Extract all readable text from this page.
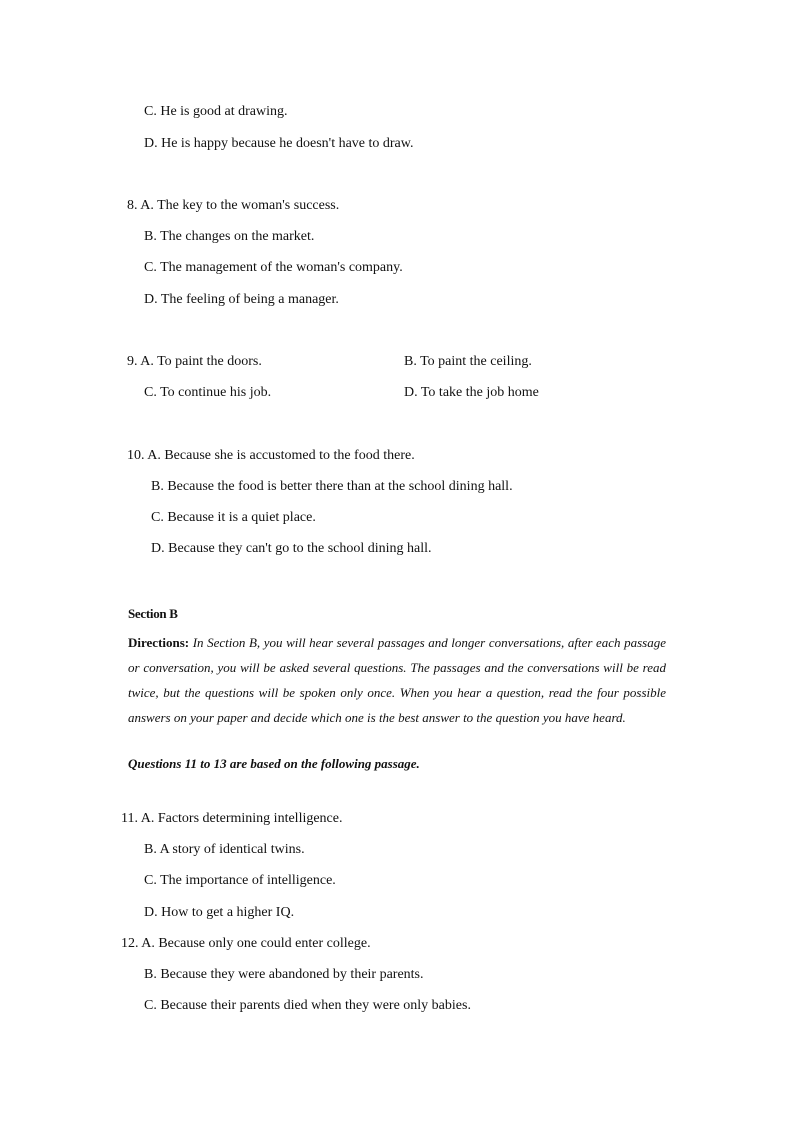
C. He is good at drawing.
D. He is happy because he doesn't have to draw.
8. A. The key to the woman's success.
B. The changes on the market.
C. The management of the woman's company.
D. The feeling of being a manager.
9. A. To paint the doors.	B. To paint the ceiling.
C. To continue his job.	D. To take the job home
10. A. Because she is accustomed to the food there.
B. Because the food is better there than at the school dining hall.
C. Because it is a quiet place.
D. Because they can't go to the school dining hall.
Section B
Directions: In Section B, you will hear several passages and longer conversations, after each passage or conversation, you will be asked several questions. The passages and the conversations will be read twice, but the questions will be spoken only once. When you hear a question, read the four possible answers on your paper and decide which one is the best answer to the question you have heard.
Questions 11 to 13 are based on the following passage.
11. A. Factors determining intelligence.
B. A story of identical twins.
C. The importance of intelligence.
D. How to get a higher IQ.
12. A. Because only one could enter college.
B. Because they were abandoned by their parents.
C. Because their parents died when they were only babies.
